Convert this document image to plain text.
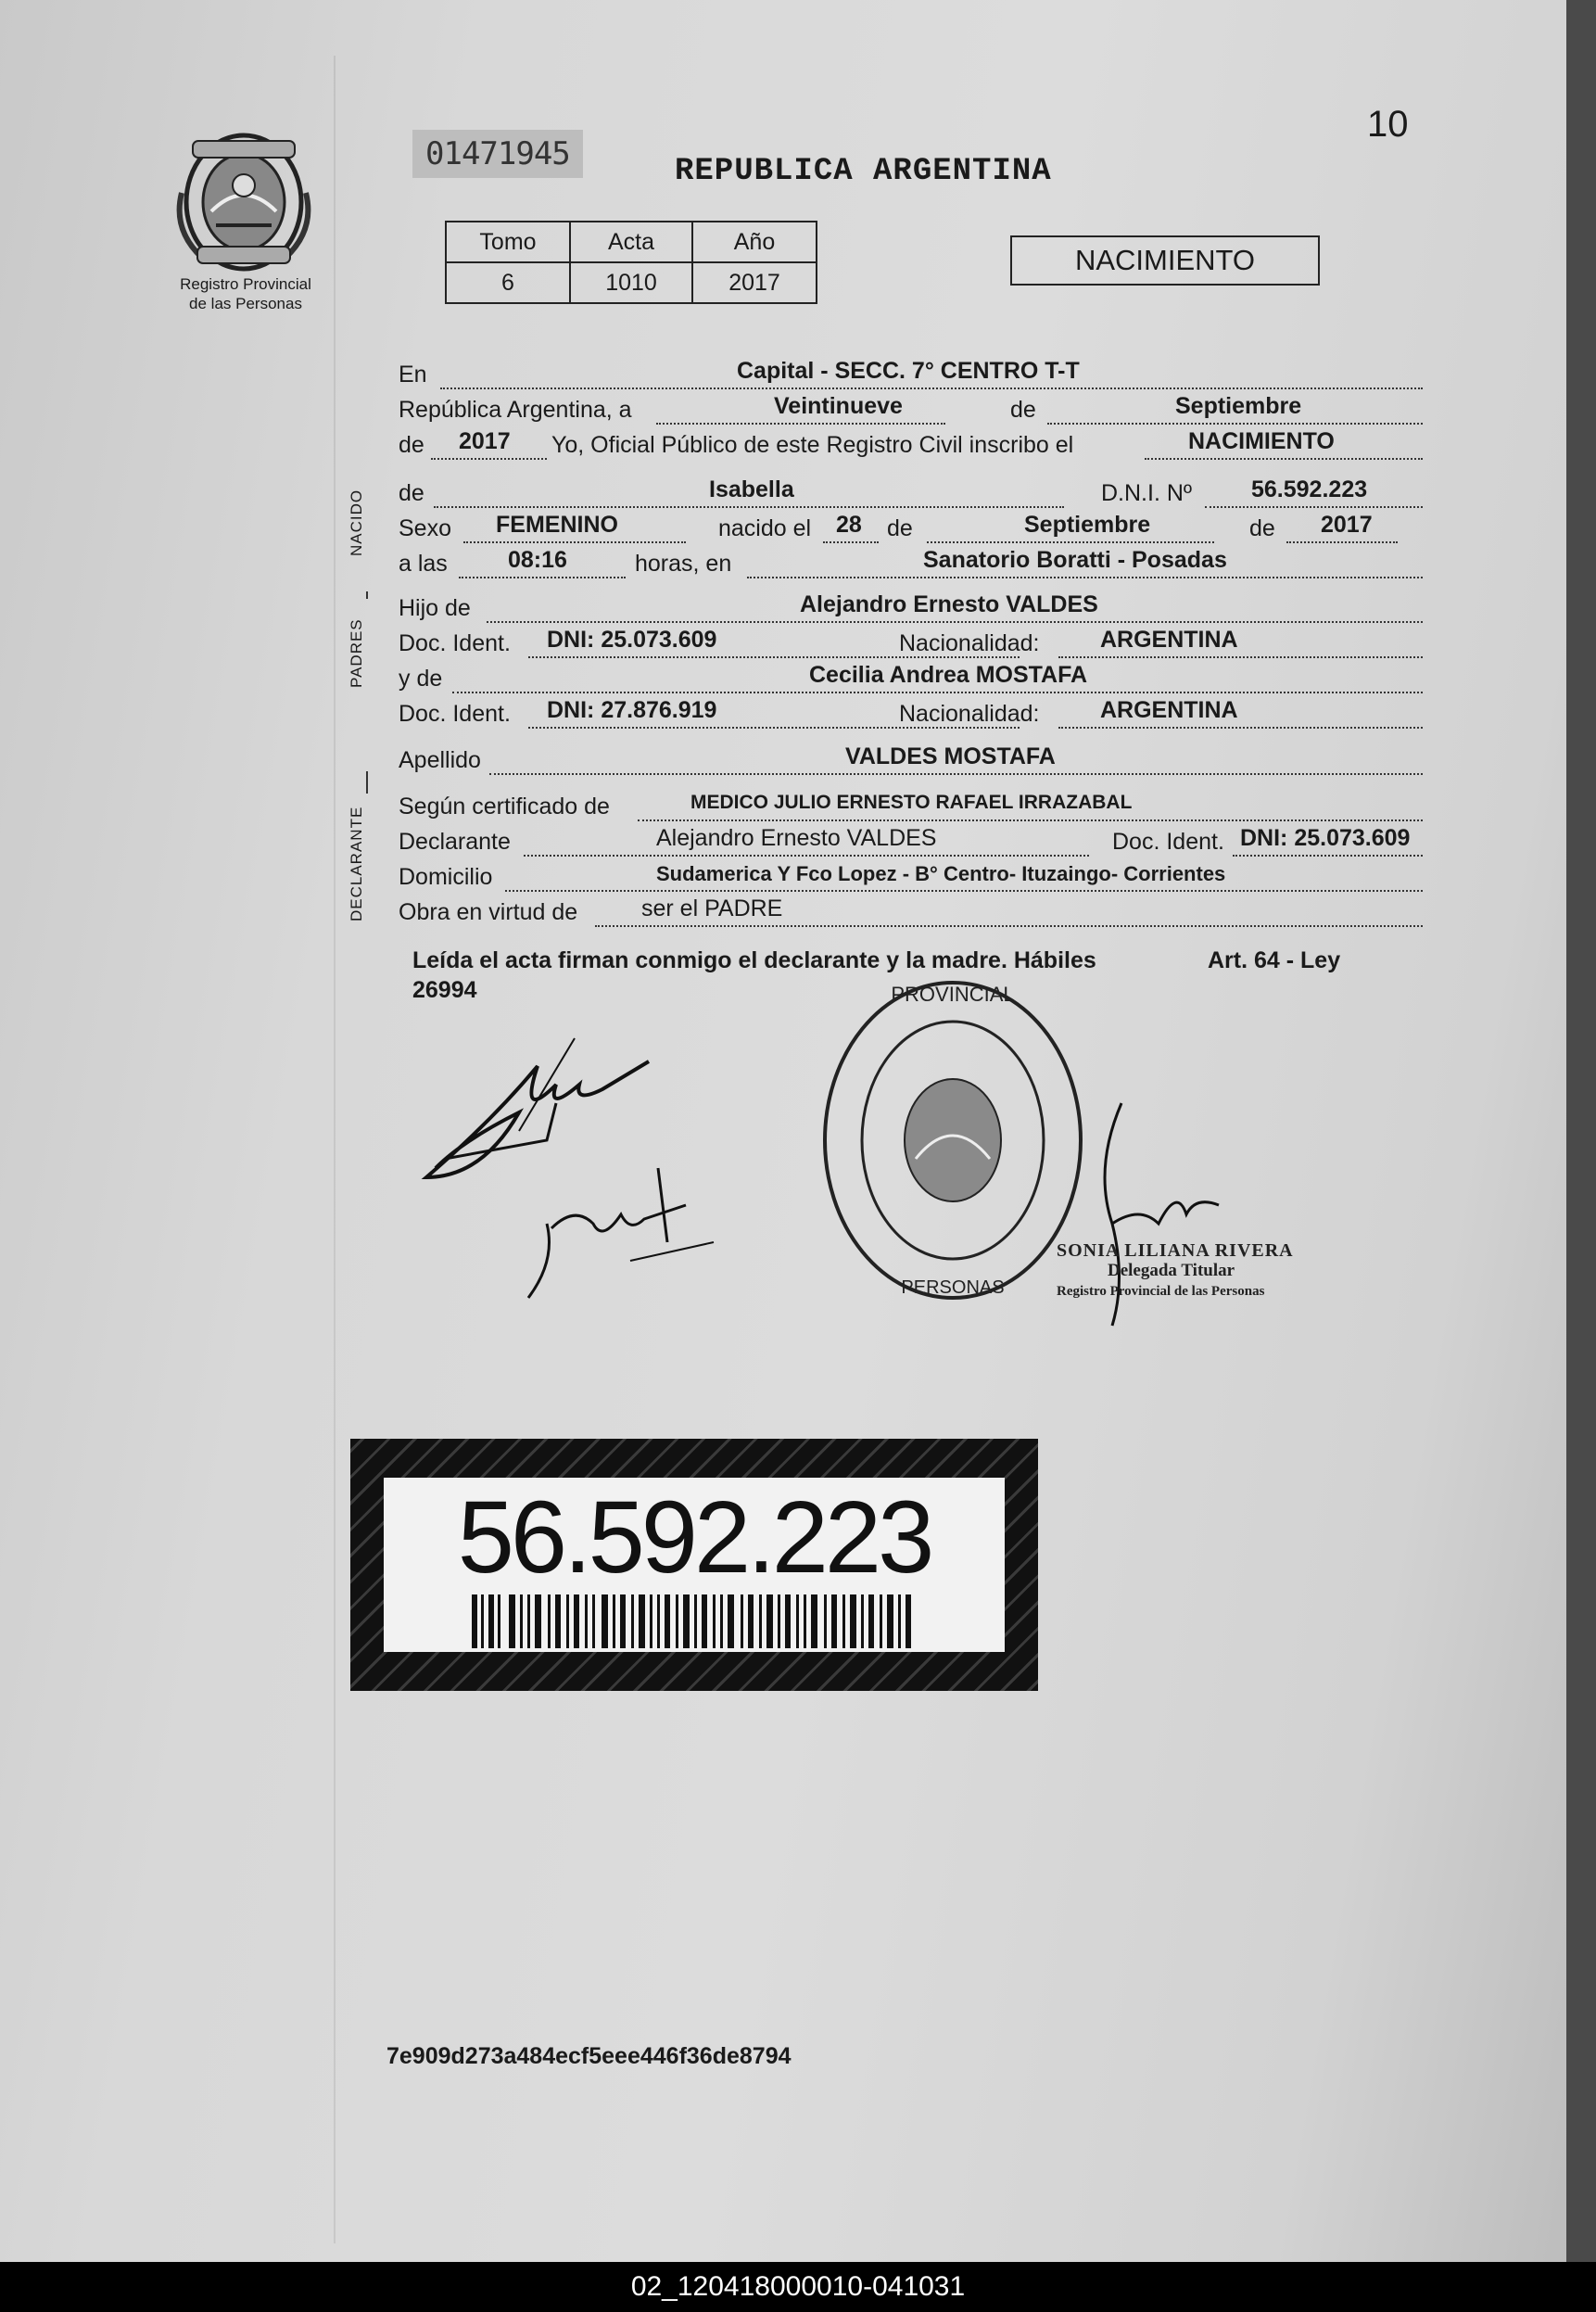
10
Registro Provincial
de las Personas
01471945	REPUBLICA ARGENTINA
Tomo	Acta	Año
6	1010	2017
NACIMIENTO
NACIDO
PADRES
DECLARANTE
En	Capital - SECC. 7° CENTRO T-T
República Argentina, a	Veintinueve	de	Septiembre
de 2017 Yo, Oficial Público de este Registro Civil inscribo el	NACIMIENTO
de	Isabella	D.N.I. Nº	56.592.223
Sexo FEMENINO	nacido el 28 de	Septiembre	de 2017
a las	08:16	horas, en	Sanatorio Boratti - Posadas
Hijo de	Alejandro Ernesto VALDES
Doc. Ident. DNI: 25.073.609	Nacionalidad:	ARGENTINA
y de	Cecilia Andrea MOSTAFA
Doc. Ident. DNI: 27.876.919	Nacionalidad:	ARGENTINA
Apellido	VALDES MOSTAFA
Según certificado de	MEDICO JULIO ERNESTO RAFAEL IRRAZABAL
Declarante	Alejandro Ernesto VALDES	Doc. Ident. DNI: 25.073.609
Domicilio	Sudamerica Y Fco Lopez - B° Centro- Ituzaingo- Corrientes
Obra en virtud de	ser el PADRE
Leída el acta firman conmigo el declarante y la madre. Hábiles
26994
Art. 64 - Ley
PROVINCIAL
PERSONAS
SONIA LILIANA RIVERA
Delegada Titular
Registro Provincial de las Personas
56.592.223
7e909d273a484ecf5eee446f36de8794
02_120418000010-041031
